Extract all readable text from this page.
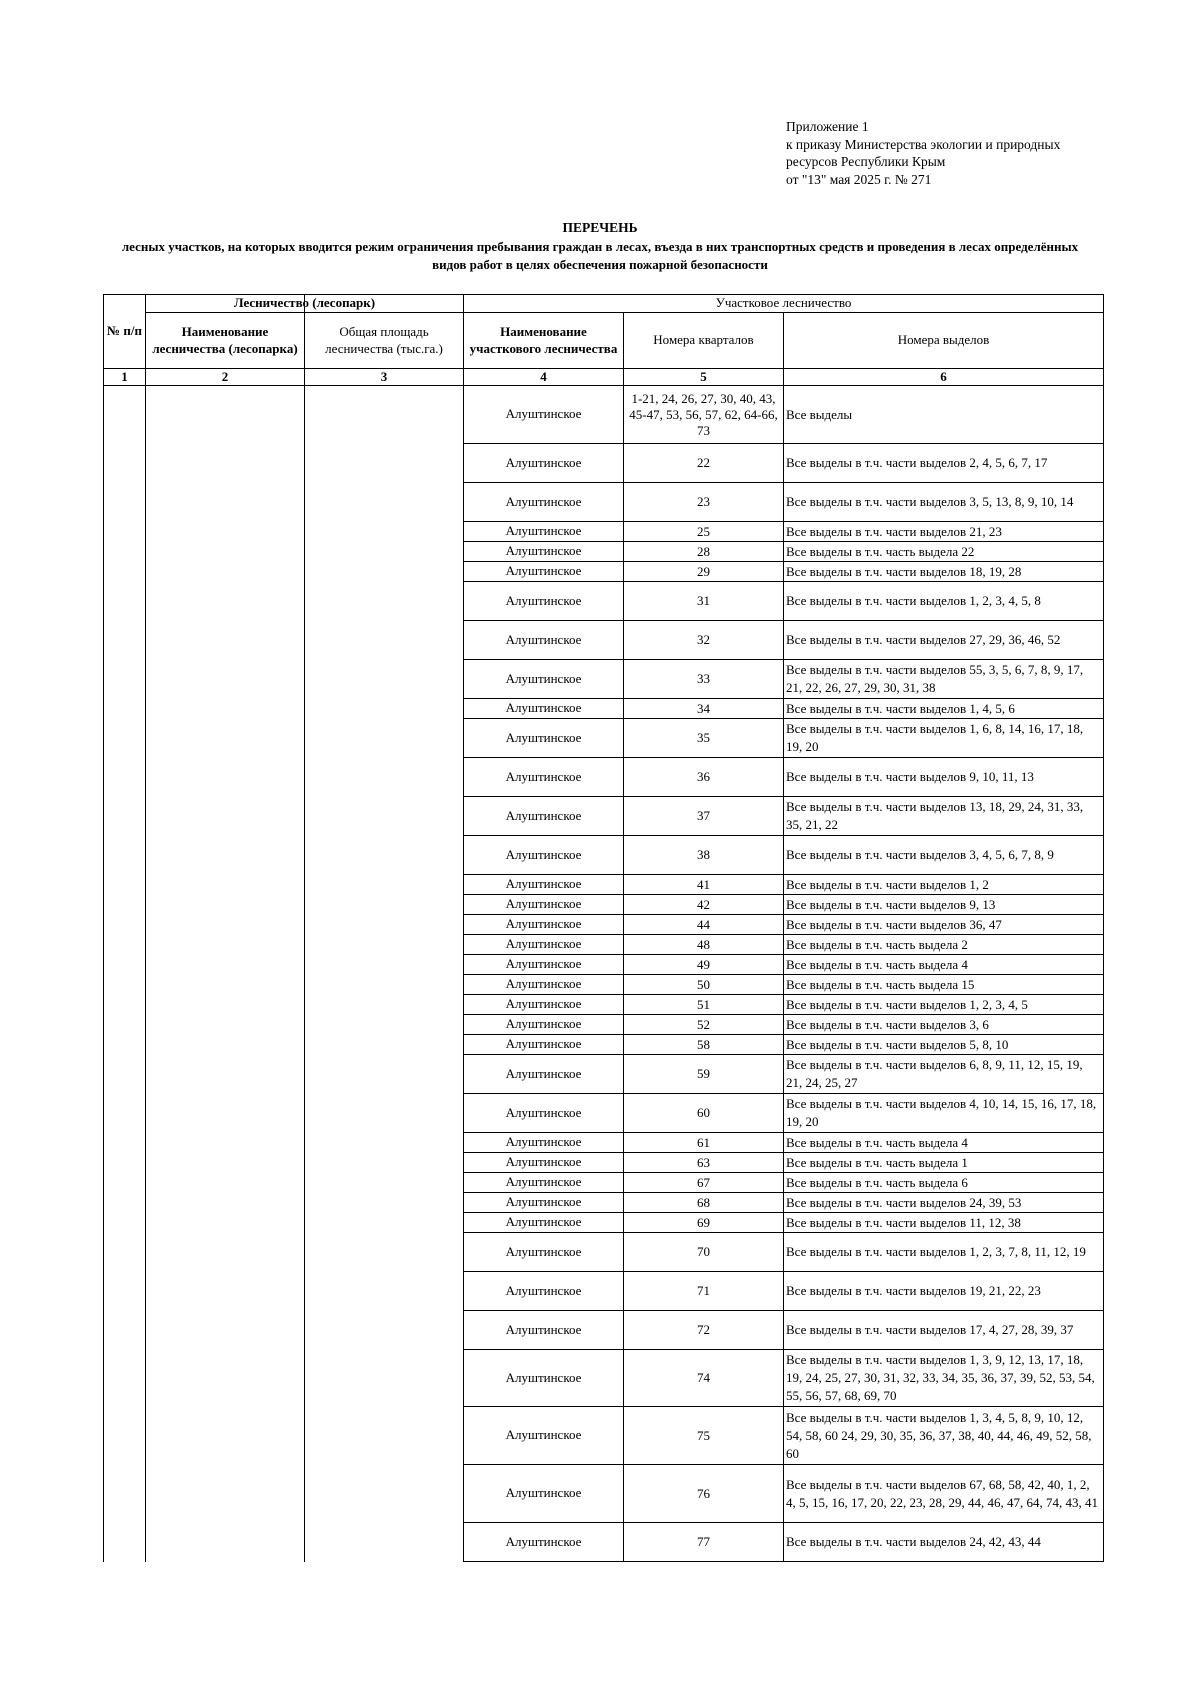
Приложение 1
к приказу Министерства экологии и природных
ресурсов Республики Крым
от "13" мая 2025 г. № 271
ПЕРЕЧЕНЬ
лесных участков, на которых вводится режим ограничения пребывания граждан в лесах, въезда в них транспортных средств и проведения в лесах определённых видов работ в целях обеспечения пожарной безопасности
№ п/п	Лесничество (лесопарк)		Участковое лесничество		
	Наименование лесничества (лесопарка)	Общая площадь лесничества (тыс.га.)	Наименование участкового лесничества	Номера кварталов	Номера выделов
1	2	3	4	5	6
			Алуштинское	1-21, 24, 26, 27, 30, 40, 43, 45-47, 53, 56, 57, 62, 64-66, 73	Все выделы
			Алуштинское	22	Все выделы в т.ч. части выделов 2, 4, 5, 6, 7, 17
			Алуштинское	23	Все выделы в т.ч. части выделов 3, 5, 13, 8, 9, 10, 14
			Алуштинское	25	Все выделы в т.ч. части выделов 21, 23
			Алуштинское	28	Все выделы в т.ч. часть выдела 22
			Алуштинское	29	Все выделы в т.ч. части выделов 18, 19, 28
			Алуштинское	31	Все выделы в т.ч. части выделов 1, 2, 3, 4, 5, 8
			Алуштинское	32	Все выделы в т.ч. части выделов 27, 29, 36, 46, 52
			Алуштинское	33	Все выделы в т.ч. части выделов 55, 3, 5, 6, 7, 8, 9, 17, 21, 22, 26, 27, 29, 30, 31, 38
			Алуштинское	34	Все выделы в т.ч. части выделов 1, 4, 5, 6
			Алуштинское	35	Все выделы в т.ч. части выделов 1, 6, 8, 14, 16, 17, 18, 19, 20
			Алуштинское	36	Все выделы в т.ч. части выделов 9, 10, 11, 13
			Алуштинское	37	Все выделы в т.ч. части выделов 13, 18, 29, 24, 31, 33, 35, 21, 22
			Алуштинское	38	Все выделы в т.ч. части выделов 3, 4, 5, 6, 7, 8, 9
			Алуштинское	41	Все выделы в т.ч. части выделов 1, 2
			Алуштинское	42	Все выделы в т.ч. части выделов 9, 13
			Алуштинское	44	Все выделы в т.ч. части выделов 36, 47
			Алуштинское	48	Все выделы в т.ч. часть выдела 2
			Алуштинское	49	Все выделы в т.ч. часть выдела 4
			Алуштинское	50	Все выделы в т.ч. часть выдела 15
			Алуштинское	51	Все выделы в т.ч. части выделов 1, 2, 3, 4, 5
			Алуштинское	52	Все выделы в т.ч. части выделов 3, 6
			Алуштинское	58	Все выделы в т.ч. части выделов 5, 8, 10
			Алуштинское	59	Все выделы в т.ч. части выделов 6, 8, 9, 11, 12, 15, 19, 21, 24, 25, 27
			Алуштинское	60	Все выделы в т.ч. части выделов 4, 10, 14, 15, 16, 17, 18, 19, 20
			Алуштинское	61	Все выделы в т.ч. часть выдела 4
			Алуштинское	63	Все выделы в т.ч. часть выдела 1
			Алуштинское	67	Все выделы в т.ч. часть выдела 6
			Алуштинское	68	Все выделы в т.ч. части выделов 24, 39, 53
			Алуштинское	69	Все выделы в т.ч. части выделов 11, 12, 38
			Алуштинское	70	Все выделы в т.ч. части выделов 1, 2, 3, 7, 8, 11, 12, 19
			Алуштинское	71	Все выделы в т.ч. части выделов 19, 21, 22, 23
			Алуштинское	72	Все выделы в т.ч. части выделов 17, 4, 27, 28, 39, 37
			Алуштинское	74	Все выделы в т.ч. части выделов 1, 3, 9, 12, 13, 17, 18, 19, 24, 25, 27, 30, 31, 32, 33, 34, 35, 36, 37, 39, 52, 53, 54, 55, 56, 57, 68, 69, 70
			Алуштинское	75	Все выделы в т.ч. части выделов 1, 3, 4, 5, 8, 9, 10, 12, 54, 58, 60 24, 29, 30, 35, 36, 37, 38, 40, 44, 46, 49, 52, 58, 60
			Алуштинское	76	Все выделы в т.ч. части выделов 67, 68, 58, 42, 40, 1, 2, 4, 5, 15, 16, 17, 20, 22, 23, 28, 29, 44, 46, 47, 64, 74, 43, 41
			Алуштинское	77	Все выделы в т.ч. части выделов 24, 42, 43, 44
